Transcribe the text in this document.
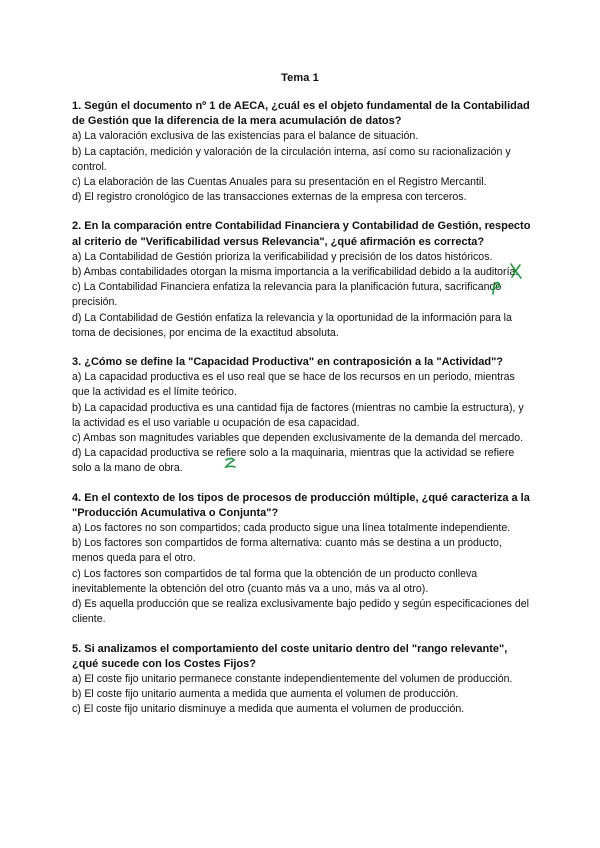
Tema 1

1. Según el documento nº 1 de AECA, ¿cuál es el objeto fundamental de la Contabilidad de Gestión que la diferencia de la mera acumulación de datos?

a) La valoración exclusiva de las existencias para el balance de situación.

b) La captación, medición y valoración de la circulación interna, así como su racionalización y control.

c) La elaboración de las Cuentas Anuales para su presentación en el Registro Mercantil.

d) El registro cronológico de las transacciones externas de la empresa con terceros.

2. En la comparación entre Contabilidad Financiera y Contabilidad de Gestión, respecto al criterio de "Verificabilidad versus Relevancia", ¿qué afirmación es correcta?

a) La Contabilidad de Gestión prioriza la verificabilidad y precisión de los datos históricos.

b) Ambas contabilidades otorgan la misma importancia a la verificabilidad debido a la auditoría.

c) La Contabilidad Financiera enfatiza la relevancia para la planificación futura, sacrificando precisión.

d) La Contabilidad de Gestión enfatiza la relevancia y la oportunidad de la información para la toma de decisiones, por encima de la exactitud absoluta.

3. ¿Cómo se define la "Capacidad Productiva" en contraposición a la "Actividad"?

a) La capacidad productiva es el uso real que se hace de los recursos en un periodo, mientras que la actividad es el límite teórico.

b) La capacidad productiva es una cantidad fija de factores (mientras no cambie la estructura), y la actividad es el uso variable u ocupación de esa capacidad.

c) Ambas son magnitudes variables que dependen exclusivamente de la demanda del mercado.

d) La capacidad productiva se refiere solo a la maquinaria, mientras que la actividad se refiere solo a la mano de obra.

4. En el contexto de los tipos de procesos de producción múltiple, ¿qué caracteriza a la "Producción Acumulativa o Conjunta"?

a) Los factores no son compartidos; cada producto sigue una línea totalmente independiente.

b) Los factores son compartidos de forma alternativa: cuanto más se destina a un producto, menos queda para el otro.

c) Los factores son compartidos de tal forma que la obtención de un producto conlleva inevitablemente la obtención del otro (cuanto más va a uno, más va al otro).

d) Es aquella producción que se realiza exclusivamente bajo pedido y según especificaciones del cliente.

5. Si analizamos el comportamiento del coste unitario dentro del "rango relevante", ¿qué sucede con los Costes Fijos?

a) El coste fijo unitario permanece constante independientemente del volumen de producción.

b) El coste fijo unitario aumenta a medida que aumenta el volumen de producción.

c) El coste fijo unitario disminuye a medida que aumenta el volumen de producción.
